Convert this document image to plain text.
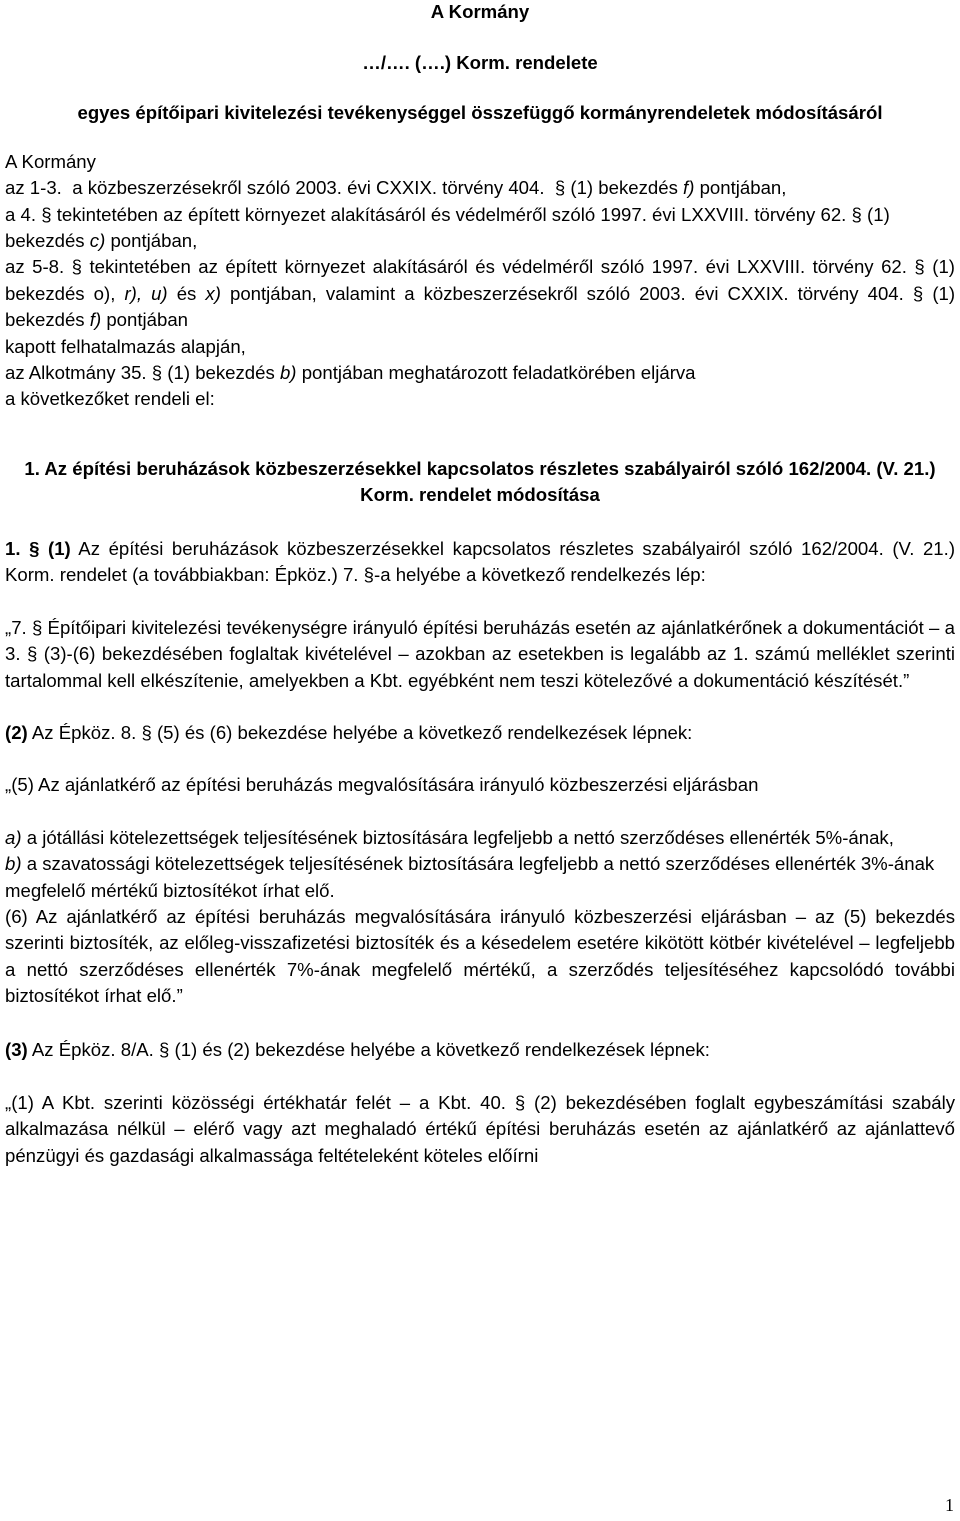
A Kormány

…/…. (….) Korm. rendelete

egyes építőipari kivitelezési tevékenységgel összefüggő kormányrendeletek módosításáról

A Kormány

az 1-3. a közbeszerzésekről szóló 2003. évi CXXIX. törvény 404. § (1) bekezdés f) pontjában,

a 4. § tekintetében az épített környezet alakításáról és védelméről szóló 1997. évi LXXVIII. törvény 62. § (1) bekezdés c) pontjában,

az 5-8. § tekintetében az épített környezet alakításáról és védelméről szóló 1997. évi LXXVIII. törvény 62. § (1) bekezdés o), r), u) és x) pontjában, valamint a közbeszerzésekről szóló 2003. évi CXXIX. törvény 404. § (1) bekezdés f) pontjában

kapott felhatalmazás alapján,

az Alkotmány 35. § (1) bekezdés b) pontjában meghatározott feladatkörében eljárva

a következőket rendeli el:

1. Az építési beruházások közbeszerzésekkel kapcsolatos részletes szabályairól szóló 162/2004. (V. 21.) Korm. rendelet módosítása

1. § (1) Az építési beruházások közbeszerzésekkel kapcsolatos részletes szabályairól szóló 162/2004. (V. 21.) Korm. rendelet (a továbbiakban: Épköz.) 7. §-a helyébe a következő rendelkezés lép:

„7. § Építőipari kivitelezési tevékenységre irányuló építési beruházás esetén az ajánlatkérőnek a dokumentációt – a 3. § (3)-(6) bekezdésében foglaltak kivételével – azokban az esetekben is legalább az 1. számú melléklet szerinti tartalommal kell elkészítenie, amelyekben a Kbt. egyébként nem teszi kötelezővé a dokumentáció készítését.”

(2) Az Épköz. 8. § (5) és (6) bekezdése helyébe a következő rendelkezések lépnek:

„(5) Az ajánlatkérő az építési beruházás megvalósítására irányuló közbeszerzési eljárásban

a) a jótállási kötelezettségek teljesítésének biztosítására legfeljebb a nettó szerződéses ellenérték 5%-ának,

b) a szavatossági kötelezettségek teljesítésének biztosítására legfeljebb a nettó szerződéses ellenérték 3%-ának

megfelelő mértékű biztosítékot írhat elő.

(6) Az ajánlatkérő az építési beruházás megvalósítására irányuló közbeszerzési eljárásban – az (5) bekezdés szerinti biztosíték, az előleg-visszafizetési biztosíték és a késedelem esetére kikötött kötbér kivételével – legfeljebb a nettó szerződéses ellenérték 7%-ának megfelelő mértékű, a szerződés teljesítéséhez kapcsolódó további biztosítékot írhat elő.”

(3) Az Épköz. 8/A. § (1) és (2) bekezdése helyébe a következő rendelkezések lépnek:

„(1) A Kbt. szerinti közösségi értékhatár felét – a Kbt. 40. § (2) bekezdésében foglalt egybeszámítási szabály alkalmazása nélkül – elérő vagy azt meghaladó értékű építési beruházás esetén az ajánlatkérő az ajánlattevő pénzügyi és gazdasági alkalmassága feltételeként köteles előírni

1
